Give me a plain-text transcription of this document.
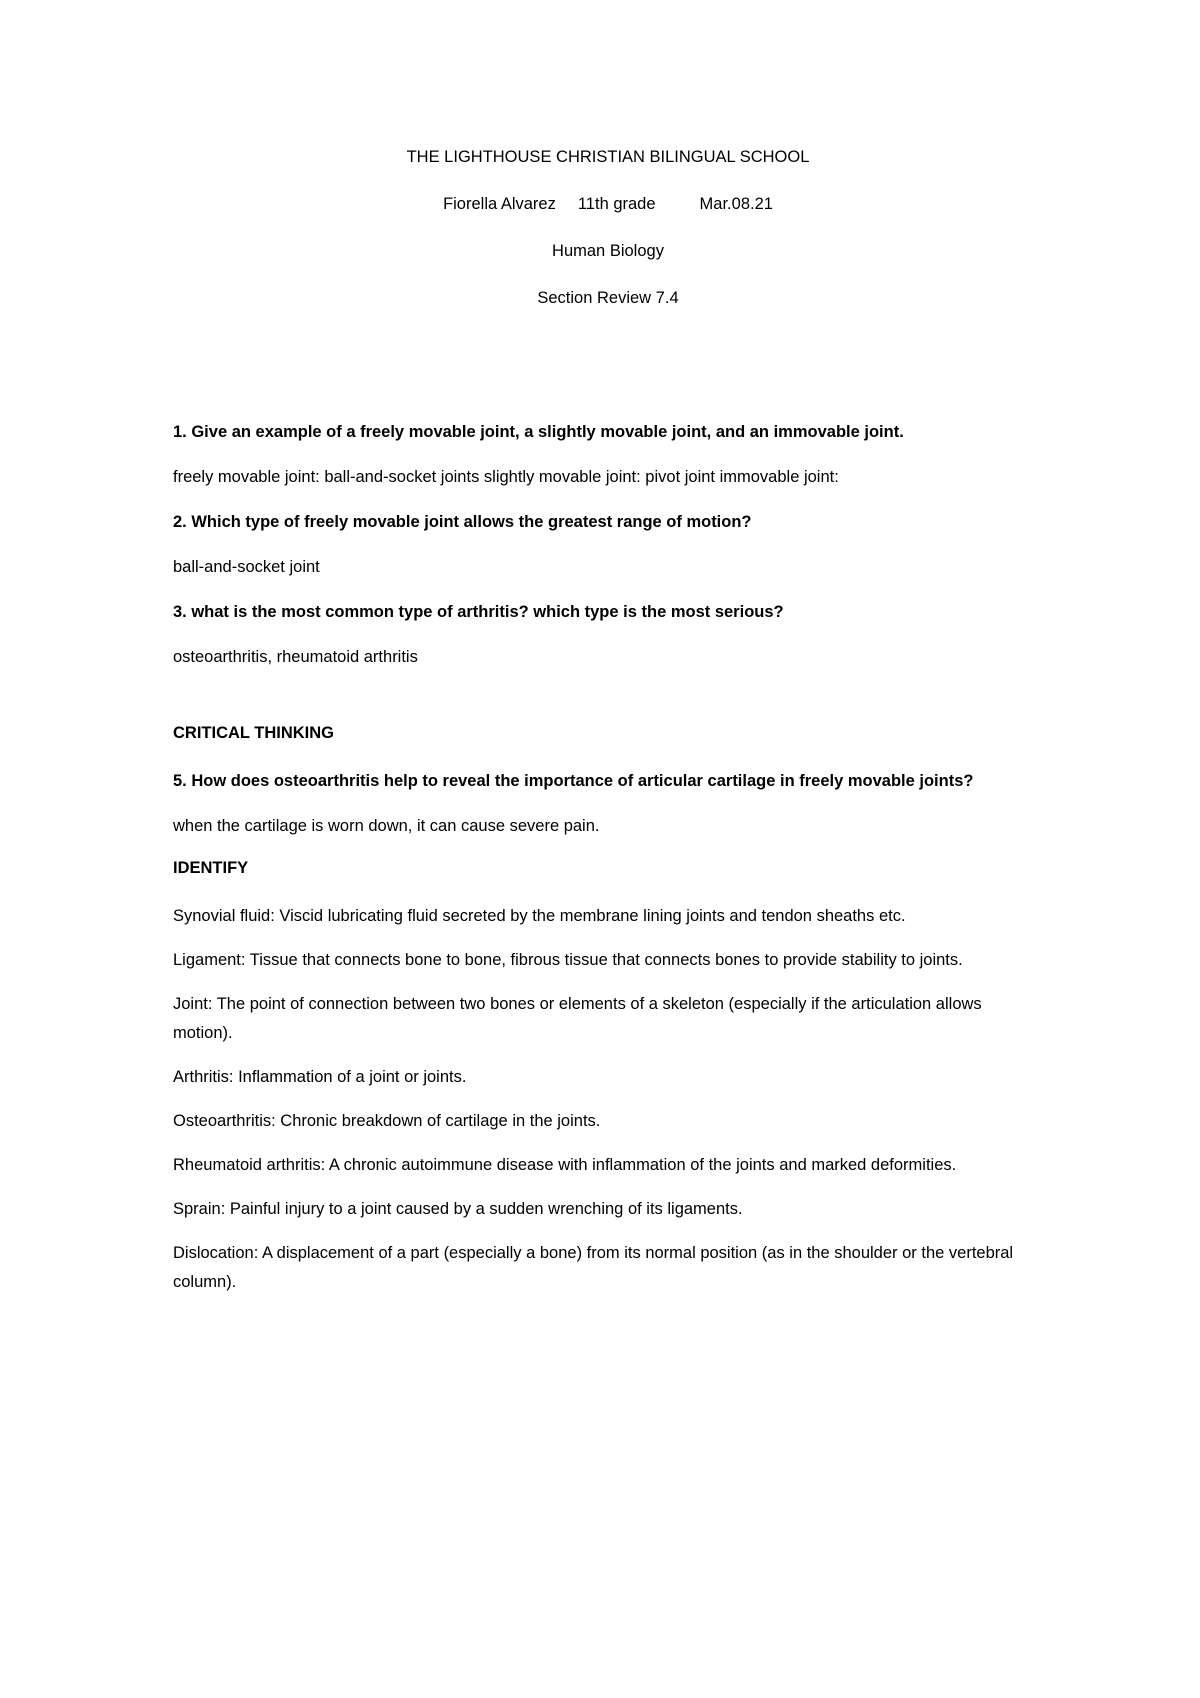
THE LIGHTHOUSE CHRISTIAN BILINGUAL SCHOOL

Fiorella Alvarez 11th grade	Mar.08.21

Human Biology

Section Review 7.4

1. Give an example of a freely movable joint, a slightly movable joint, and an immovable joint.

freely movable joint: ball-and-socket joints slightly movable joint: pivot joint immovable joint:

2. Which type of freely movable joint allows the greatest range of motion?

ball-and-socket joint

3. what is the most common type of arthritis? which type is the most serious?

osteoarthritis, rheumatoid arthritis

CRITICAL THINKING

5. How does osteoarthritis help to reveal the importance of articular cartilage in freely movable joints?

when the cartilage is worn down, it can cause severe pain.

IDENTIFY

Synovial fluid: Viscid lubricating fluid secreted by the membrane lining joints and tendon sheaths etc.

Ligament: Tissue that connects bone to bone, fibrous tissue that connects bones to provide stability to joints.

Joint: The point of connection between two bones or elements of a skeleton (especially if the articulation allows motion).

Arthritis: Inflammation of a joint or joints.

Osteoarthritis: Chronic breakdown of cartilage in the joints.

Rheumatoid arthritis: A chronic autoimmune disease with inflammation of the joints and marked deformities.

Sprain: Painful injury to a joint caused by a sudden wrenching of its ligaments.

Dislocation: A displacement of a part (especially a bone) from its normal position (as in the shoulder or the vertebral column).
